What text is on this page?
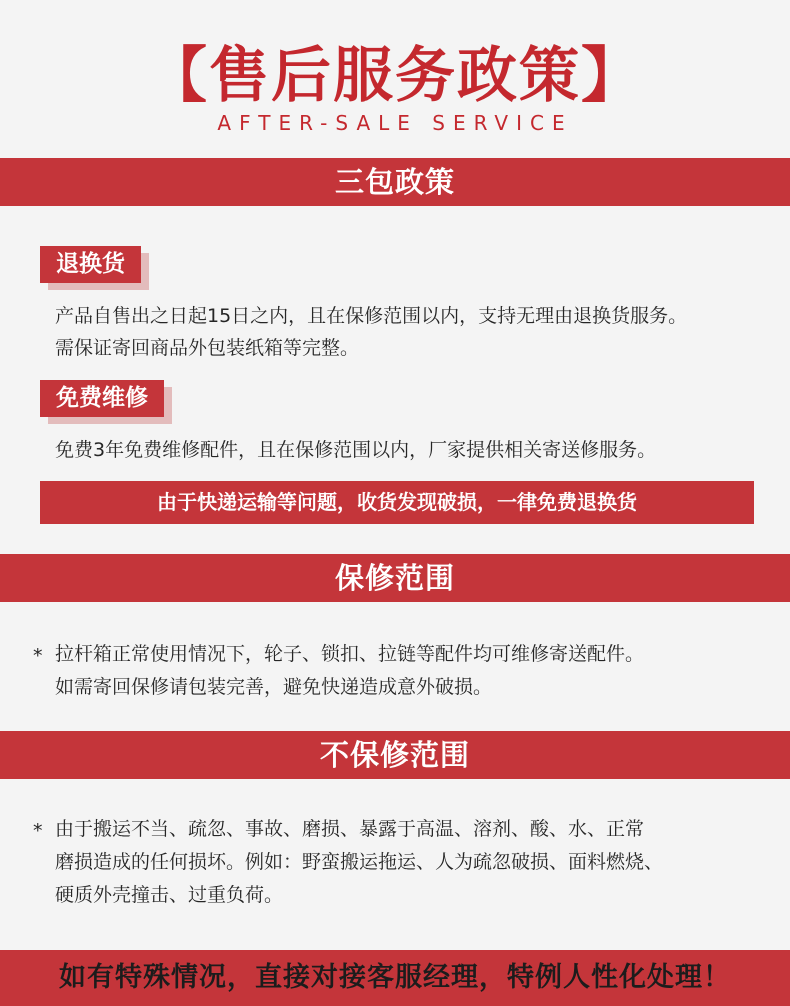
【售后服务政策】
AFTER-SALE SERVICE
三包政策
退换货
产品自售出之日起15日之内，且在保修范围以内，支持无理由退换货服务。
需保证寄回商品外包装纸箱等完整。
免费维修
免费3年免费维修配件，且在保修范围以内，厂家提供相关寄送修服务。
由于快递运输等问题，收货发现破损，一律免费退换货
保修范围
* 拉杆箱正常使用情况下，轮子、锁扣、拉链等配件均可维修寄送配件。
如需寄回保修请包装完善，避免快递造成意外破损。
不保修范围
* 由于搬运不当、疏忽、事故、磨损、暴露于高温、溶剂、酸、水、正常
磨损造成的任何损坏。例如：野蛮搬运拖运、人为疏忽破损、面料燃烧、
硬质外壳撞击、过重负荷。
如有特殊情况，直接对接客服经理，特例人性化处理！
